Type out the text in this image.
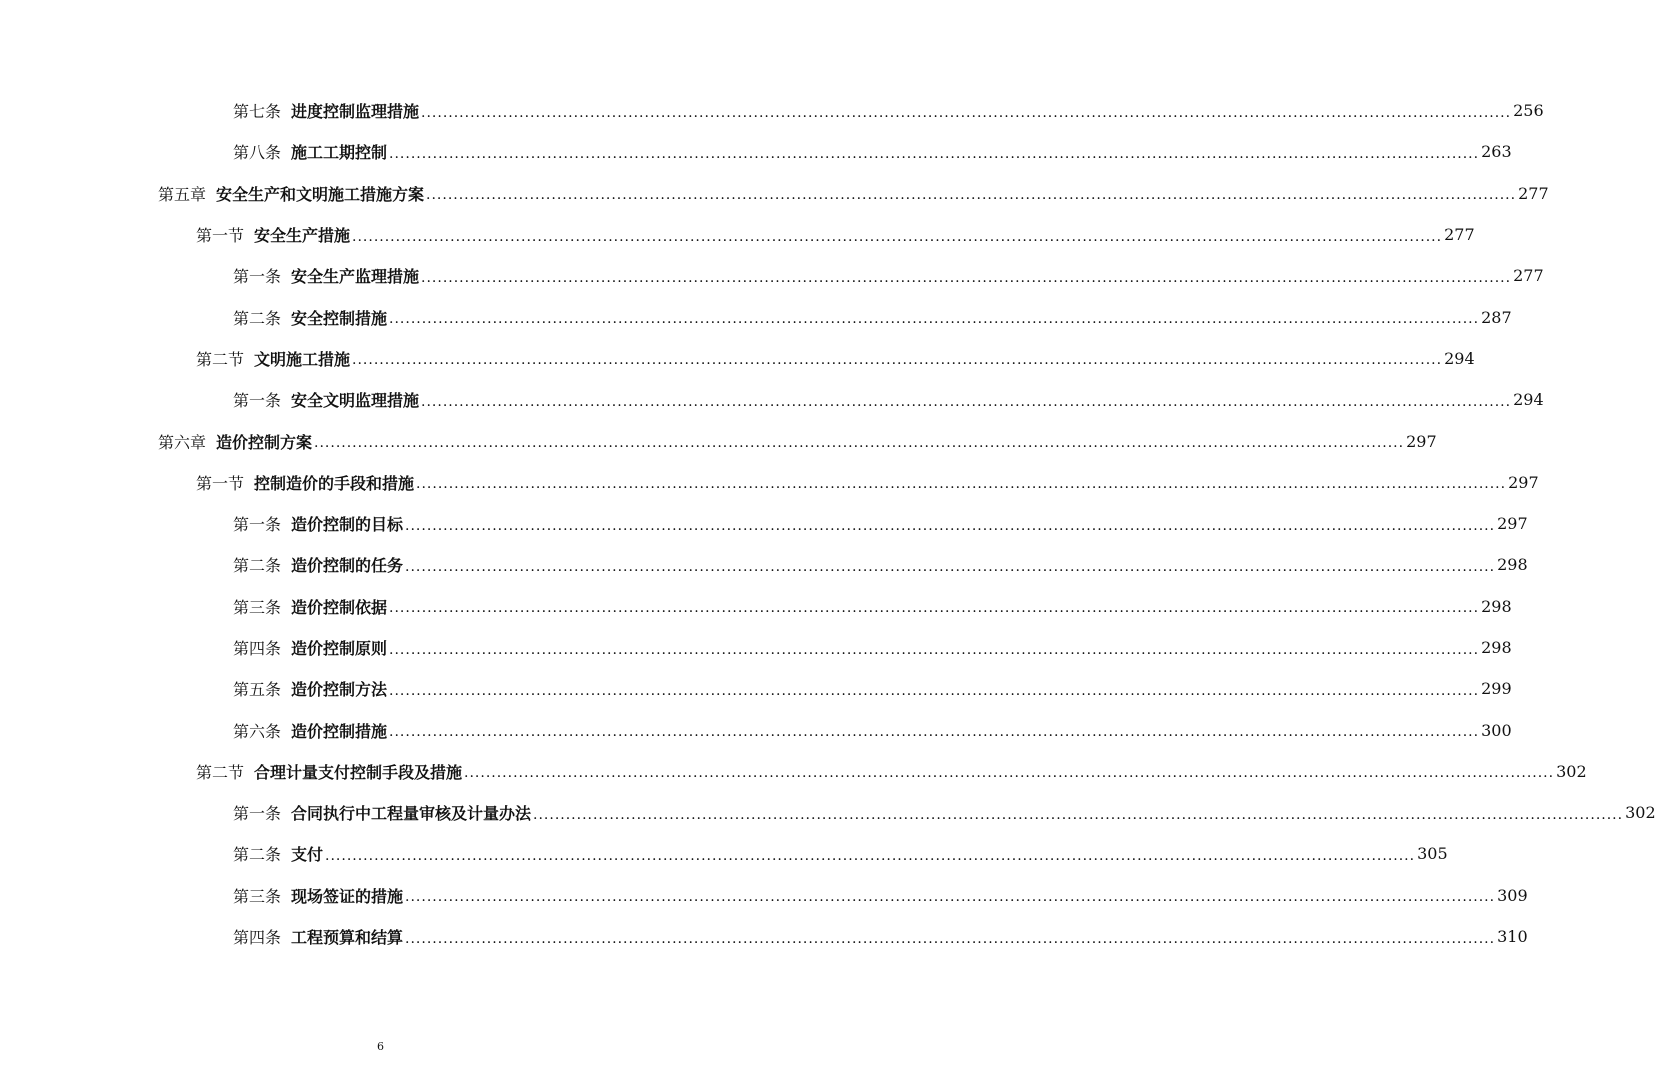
第七条 进度控制监理措施 ........................................................................................................................................................................................................ 256
第八条 施工工期控制 ........................................................................................................................................................................................................ 263
第五章 安全生产和文明施工措施方案 ........................................................................................................................................................................................................ 277
第一节 安全生产措施 ........................................................................................................................................................................................................ 277
第一条 安全生产监理措施 ........................................................................................................................................................................................................ 277
第二条 安全控制措施 ........................................................................................................................................................................................................ 287
第二节 文明施工措施 ........................................................................................................................................................................................................ 294
第一条 安全文明监理措施 ........................................................................................................................................................................................................ 294
第六章 造价控制方案 ........................................................................................................................................................................................................ 297
第一节 控制造价的手段和措施 ........................................................................................................................................................................................................ 297
第一条 造价控制的目标 ........................................................................................................................................................................................................ 297
第二条 造价控制的任务 ........................................................................................................................................................................................................ 298
第三条 造价控制依据 ........................................................................................................................................................................................................ 298
第四条 造价控制原则 ........................................................................................................................................................................................................ 298
第五条 造价控制方法 ........................................................................................................................................................................................................ 299
第六条 造价控制措施 ........................................................................................................................................................................................................ 300
第二节 合理计量支付控制手段及措施 ........................................................................................................................................................................................................ 302
第一条 合同执行中工程量审核及计量办法 ........................................................................................................................................................................................................ 302
第二条 支付 ........................................................................................................................................................................................................ 305
第三条 现场签证的措施 ........................................................................................................................................................................................................ 309
第四条 工程预算和结算 ........................................................................................................................................................................................................ 310
6
